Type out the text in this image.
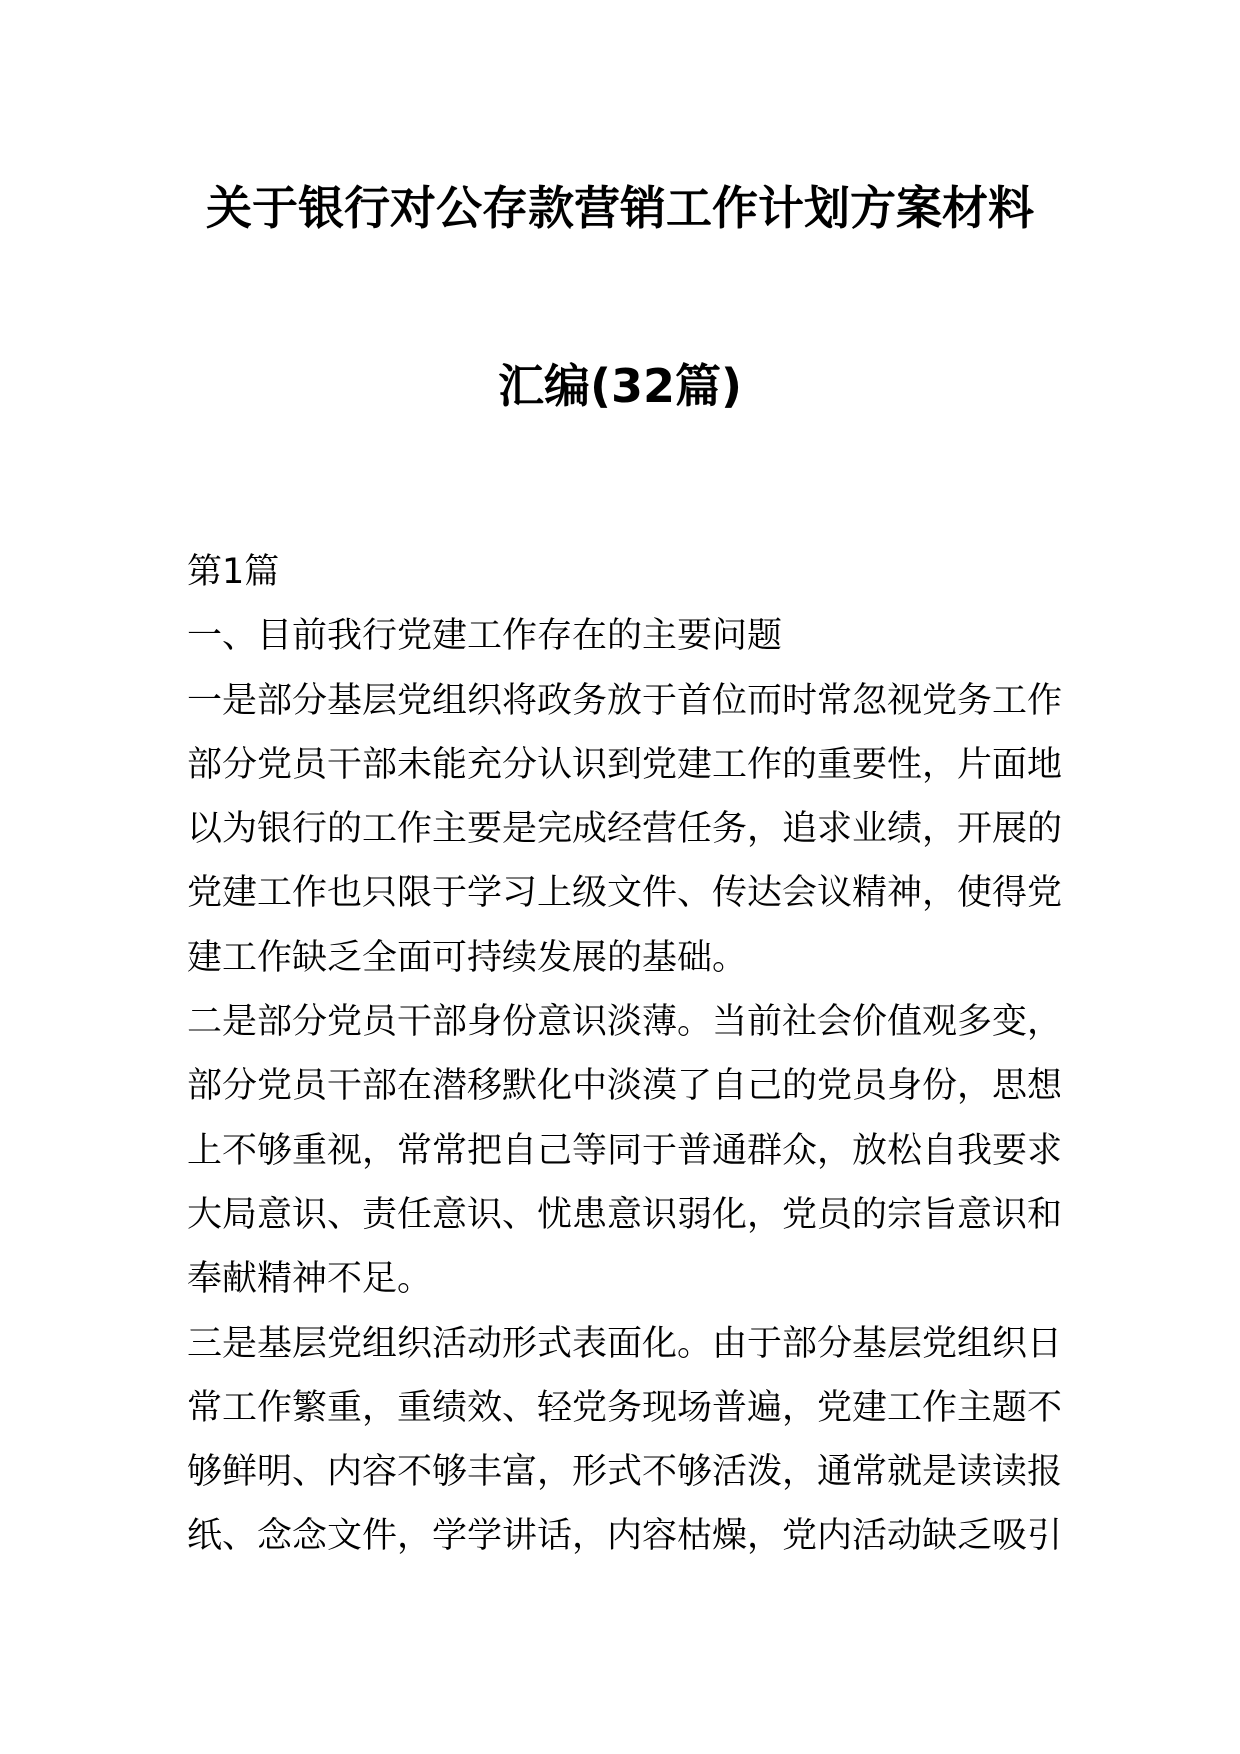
关于银行对公存款营销工作计划方案材料
汇编(32篇)
第1篇
一、目前我行党建工作存在的主要问题
一是部分基层党组织将政务放于首位而时常忽视党务工作
部分党员干部未能充分认识到党建工作的重要性，片面地
以为银行的工作主要是完成经营任务，追求业绩，开展的
党建工作也只限于学习上级文件、传达会议精神，使得党
建工作缺乏全面可持续发展的基础。
二是部分党员干部身份意识淡薄。当前社会价值观多变，
部分党员干部在潜移默化中淡漠了自己的党员身份，思想
上不够重视，常常把自己等同于普通群众，放松自我要求
大局意识、责任意识、忧患意识弱化，党员的宗旨意识和
奉献精神不足。
三是基层党组织活动形式表面化。由于部分基层党组织日
常工作繁重，重绩效、轻党务现场普遍，党建工作主题不
够鲜明、内容不够丰富，形式不够活泼，通常就是读读报
纸、念念文件，学学讲话，内容枯燥，党内活动缺乏吸引
